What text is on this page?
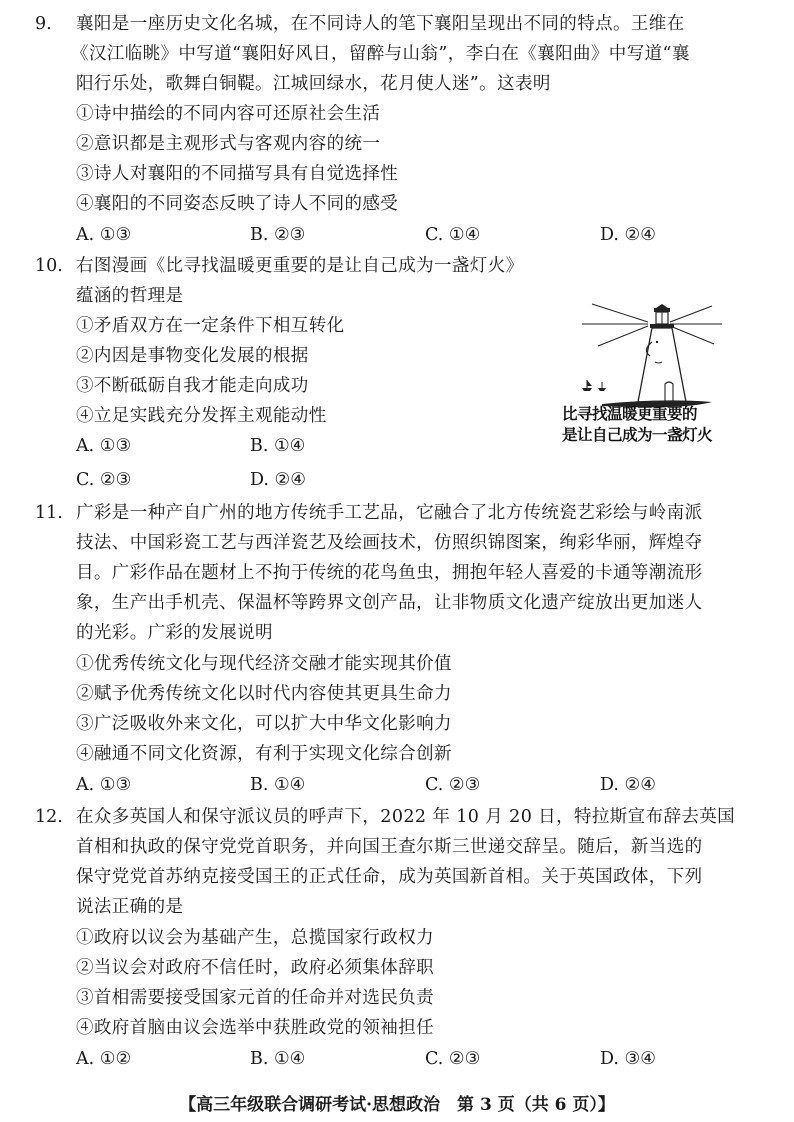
9. 襄阳是一座历史文化名城，在不同诗人的笔下襄阳呈现出不同的特点。王维在
《汉江临眺》中写道“襄阳好风日，留醉与山翁”，李白在《襄阳曲》中写道“襄
阳行乐处，歌舞白铜鞮。江城回绿水，花月使人迷”。这表明
①诗中描绘的不同内容可还原社会生活
②意识都是主观形式与客观内容的统一
③诗人对襄阳的不同描写具有自觉选择性
④襄阳的不同姿态反映了诗人不同的感受
A. ①③	B. ②③	C. ①④	D. ②④
10. 右图漫画《比寻找温暖更重要的是让自己成为一盏灯火》
蕴涵的哲理是
①矛盾双方在一定条件下相互转化
②内因是事物变化发展的根据
③不断砥砺自我才能走向成功
④立足实践充分发挥主观能动性
A. ①③	B. ①④
C. ②③	D. ②④
比寻找温暖更重要的
是让自己成为一盏灯火
11. 广彩是一种产自广州的地方传统手工艺品，它融合了北方传统瓷艺彩绘与岭南派
技法、中国彩瓷工艺与西洋瓷艺及绘画技术，仿照织锦图案，绚彩华丽，辉煌夺
目。广彩作品在题材上不拘于传统的花鸟鱼虫，拥抱年轻人喜爱的卡通等潮流形
象，生产出手机壳、保温杯等跨界文创产品，让非物质文化遗产绽放出更加迷人
的光彩。广彩的发展说明
①优秀传统文化与现代经济交融才能实现其价值
②赋予优秀传统文化以时代内容使其更具生命力
③广泛吸收外来文化，可以扩大中华文化影响力
④融通不同文化资源，有利于实现文化综合创新
A. ①③	B. ①④	C. ②③	D. ②④
12. 在众多英国人和保守派议员的呼声下，2022 年 10 月 20 日，特拉斯宣布辞去英国
首相和执政的保守党党首职务，并向国王查尔斯三世递交辞呈。随后，新当选的
保守党党首苏纳克接受国王的正式任命，成为英国新首相。关于英国政体，下列
说法正确的是
①政府以议会为基础产生，总揽国家行政权力
②当议会对政府不信任时，政府必须集体辞职
③首相需要接受国家元首的任命并对选民负责
④政府首脑由议会选举中获胜政党的领袖担任
A. ①②	B. ①④	C. ②③	D. ③④
【高三年级联合调研考试·思想政治　第 3 页（共 6 页）】
